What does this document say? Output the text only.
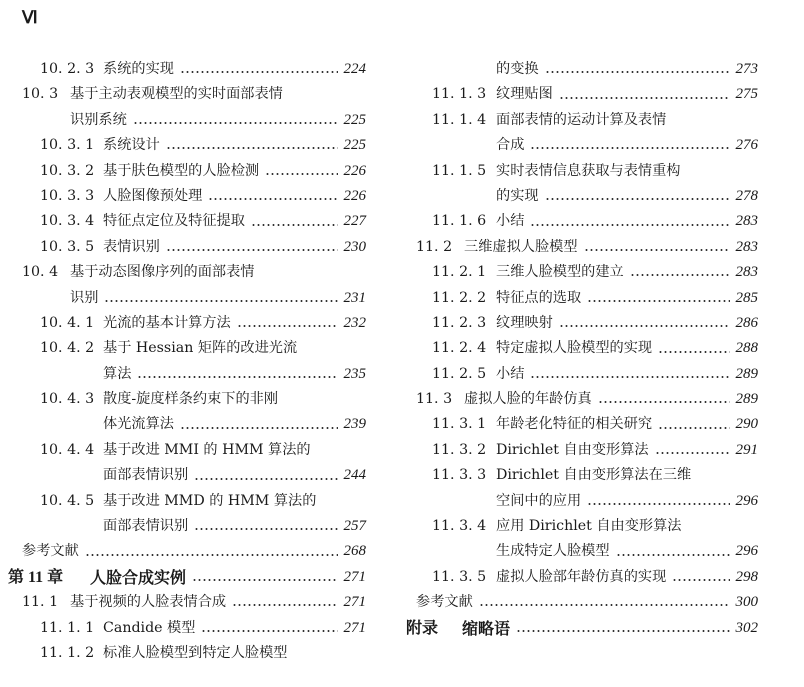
Ⅵ
10. 2. 3 系统的实现	224
10. 3 基于主动表观模型的实时面部表情
识别系统	225
10. 3. 1 系统设计	225
10. 3. 2 基于肤色模型的人脸检测	226
10. 3. 3 人脸图像预处理	226
10. 3. 4 特征点定位及特征提取	227
10. 3. 5 表情识别	230
10. 4 基于动态图像序列的面部表情
识别	231
10. 4. 1 光流的基本计算方法	232
10. 4. 2 基于 Hessian 矩阵的改进光流
算法	235
10. 4. 3 散度-旋度样条约束下的非刚
体光流算法	239
10. 4. 4 基于改进 MMI 的 HMM 算法的
面部表情识别	244
10. 4. 5 基于改进 MMD 的 HMM 算法的
面部表情识别	257
参考文献	268
第 11 章 人脸合成实例	271
11. 1 基于视频的人脸表情合成	271
11. 1. 1 Candide 模型	271
11. 1. 2 标准人脸模型到特定人脸模型
的变换	273
11. 1. 3 纹理贴图	275
11. 1. 4 面部表情的运动计算及表情
合成	276
11. 1. 5 实时表情信息获取与表情重构
的实现	278
11. 1. 6 小结	283
11. 2 三维虚拟人脸模型	283
11. 2. 1 三维人脸模型的建立	283
11. 2. 2 特征点的选取	285
11. 2. 3 纹理映射	286
11. 2. 4 特定虚拟人脸模型的实现	288
11. 2. 5 小结	289
11. 3 虚拟人脸的年龄仿真	289
11. 3. 1 年龄老化特征的相关研究	290
11. 3. 2 Dirichlet 自由变形算法	291
11. 3. 3 Dirichlet 自由变形算法在三维
空间中的应用	296
11. 3. 4 应用 Dirichlet 自由变形算法
生成特定人脸模型	296
11. 3. 5 虚拟人脸部年龄仿真的实现	298
参考文献	300
附录 缩略语	302
